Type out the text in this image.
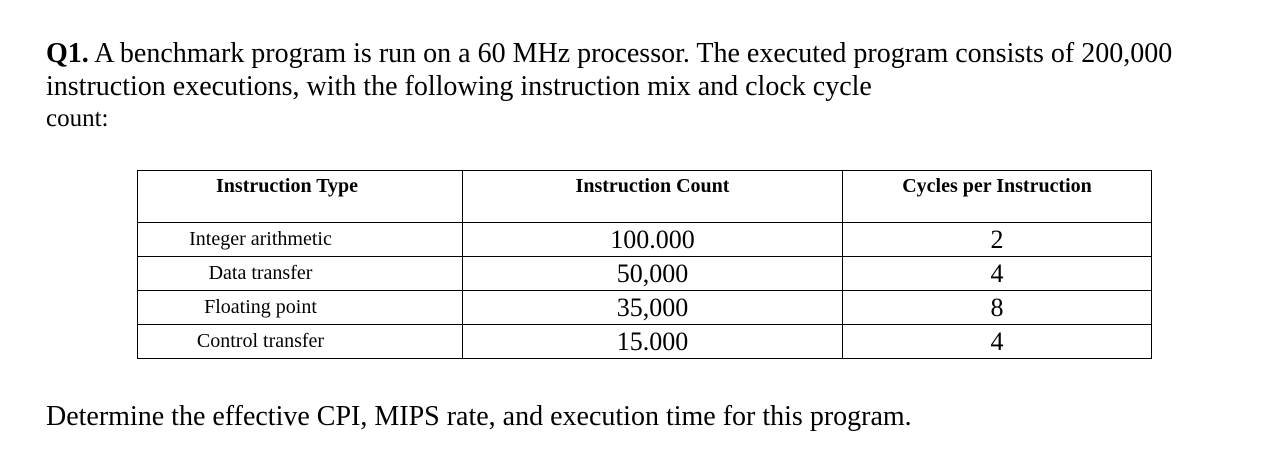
Q1. A benchmark program is run on a 60 MHz processor. The executed program consists of 200,000
instruction executions, with the following instruction mix and clock cycle
count:
Instruction Type	Instruction Count	Cycles per Instruction
Integer arithmetic	100.000	2
Data transfer	50,000	4
Floating point	35,000	8
Control transfer	15.000	4

Determine the effective CPI, MIPS rate, and execution time for this program.
